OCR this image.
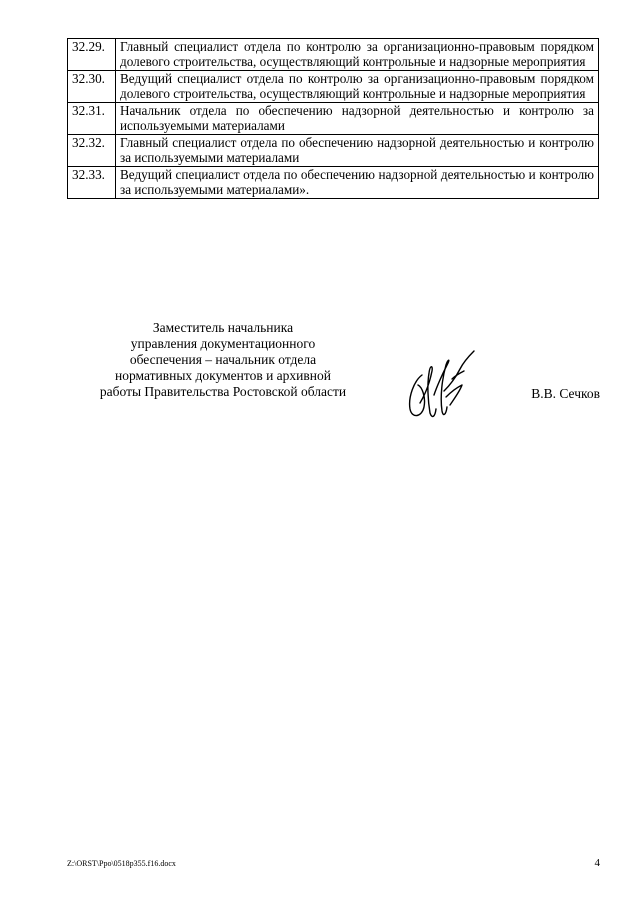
32.29.	Главный специалист отдела по контролю за организационно-правовым порядком долевого строительства, осуществляющий контрольные и надзорные мероприятия
32.30.	Ведущий специалист отдела по контролю за организационно-правовым порядком долевого строительства, осуществляющий контрольные и надзорные мероприятия
32.31.	Начальник отдела по обеспечению надзорной деятельностью и контролю за используемыми материалами
32.32.	Главный специалист отдела по обеспечению надзорной деятельностью и контролю за используемыми материалами
32.33.	Ведущий специалист отдела по обеспечению надзорной деятельностью и контролю за используемыми материалами».
Заместитель начальника
управления документационного
обеспечения – начальник отдела
нормативных документов и архивной
работы Правительства Ростовской области	В.В. Сечков
Z:\ORST\Ppo\0518p355.f16.docx	4
